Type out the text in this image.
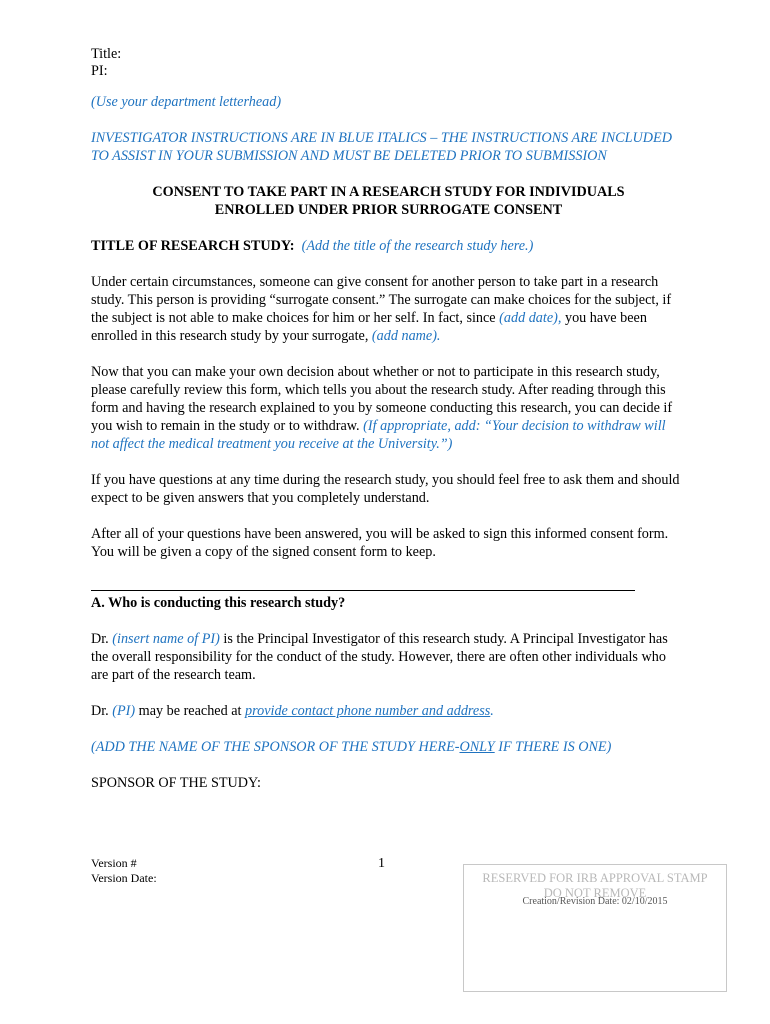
Title:

PI:

(Use your department letterhead)

INVESTIGATOR INSTRUCTIONS ARE IN BLUE ITALICS – THE INSTRUCTIONS ARE INCLUDED TO ASSIST IN YOUR SUBMISSION AND MUST BE DELETED PRIOR TO SUBMISSION

CONSENT TO TAKE PART IN A RESEARCH STUDY FOR INDIVIDUALS

ENROLLED UNDER PRIOR SURROGATE CONSENT

TITLE OF RESEARCH STUDY: (Add the title of the research study here.)

Under certain circumstances, someone can give consent for another person to take part in a research study. This person is providing “surrogate consent.” The surrogate can make choices for the subject, if the subject is not able to make choices for him or her self. In fact, since (add date), you have been enrolled in this research study by your surrogate, (add name).

Now that you can make your own decision about whether or not to participate in this research study, please carefully review this form, which tells you about the research study. After reading through this form and having the research explained to you by someone conducting this research, you can decide if you wish to remain in the study or to withdraw. (If appropriate, add: “Your decision to withdraw will not affect the medical treatment you receive at the University.”)

If you have questions at any time during the research study, you should feel free to ask them and should expect to be given answers that you completely understand.

After all of your questions have been answered, you will be asked to sign this informed consent form. You will be given a copy of the signed consent form to keep.

A. Who is conducting this research study?

Dr. (insert name of PI) is the Principal Investigator of this research study. A Principal Investigator has the overall responsibility for the conduct of the study. However, there are often other individuals who are part of the research team.

Dr. (PI) may be reached at provide contact phone number and address.

(ADD THE NAME OF THE SPONSOR OF THE STUDY HERE-ONLY IF THERE IS ONE)

SPONSOR OF THE STUDY:

Version #
Version Date:
1
RESERVED FOR IRB APPROVAL STAMP
DO NOT REMOVE
Creation/Revision Date: 02/10/2015
